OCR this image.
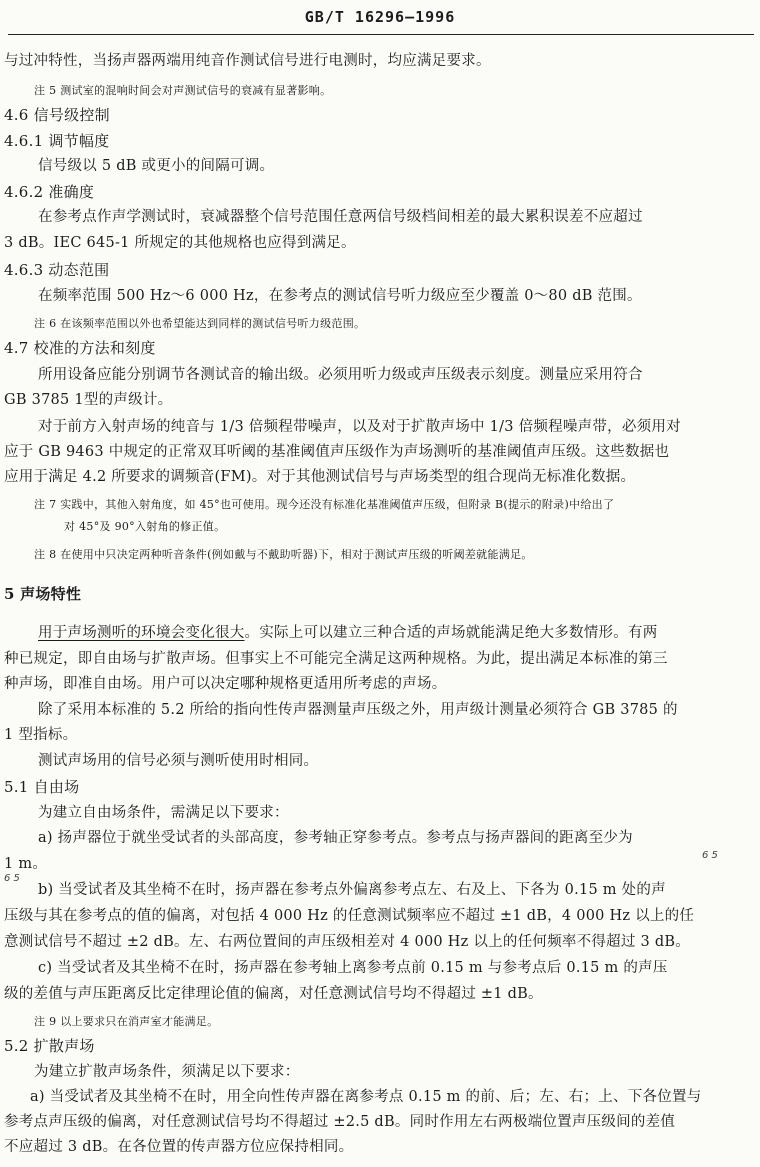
GB/T 16296—1996
与过冲特性，当扬声器两端用纯音作测试信号进行电测时，均应满足要求。
注 5 测试室的混响时间会对声测试信号的衰减有显著影响。
4.6 信号级控制
4.6.1 调节幅度
信号级以 5 dB 或更小的间隔可调。
4.6.2 准确度
在参考点作声学测试时，衰减器整个信号范围任意两信号级档间相差的最大累积误差不应超过
3 dB。IEC 645-1 所规定的其他规格也应得到满足。
4.6.3 动态范围
在频率范围 500 Hz～6 000 Hz，在参考点的测试信号听力级应至少覆盖 0～80 dB 范围。
注 6 在该频率范围以外也希望能达到同样的测试信号听力级范围。
4.7 校准的方法和刻度
所用设备应能分别调节各测试音的输出级。必须用听力级或声压级表示刻度。测量应采用符合
GB 3785 1型的声级计。
对于前方入射声场的纯音与 1/3 倍频程带噪声，以及对于扩散声场中 1/3 倍频程噪声带，必须用对
应于 GB 9463 中规定的正常双耳听阈的基准阈值声压级作为声场测听的基准阈值声压级。这些数据也
应用于满足 4.2 所要求的调频音(FM)。对于其他测试信号与声场类型的组合现尚无标准化数据。
注 7 实践中，其他入射角度，如 45°也可使用。现今还没有标准化基准阈值声压级，但附录 B(提示的附录)中给出了
对 45°及 90°入射角的修正值。
注 8 在使用中只决定两种听音条件(例如戴与不戴助听器)下，相对于测试声压级的听阈差就能满足。
5 声场特性
用于声场测听的环境会变化很大。实际上可以建立三种合适的声场就能满足绝大多数情形。有两
种已规定，即自由场与扩散声场。但事实上不可能完全满足这两种规格。为此，提出满足本标准的第三
种声场，即准自由场。用户可以决定哪种规格更适用所考虑的声场。
除了采用本标准的 5.2 所给的指向性传声器测量声压级之外，用声级计测量必须符合 GB 3785 的
1 型指标。
测试声场用的信号必须与测听使用时相同。
5.1 自由场
为建立自由场条件，需满足以下要求：
a) 扬声器位于就坐受试者的头部高度，参考轴正穿参考点。参考点与扬声器间的距离至少为
6 5
1 m。
6 5
b) 当受试者及其坐椅不在时，扬声器在参考点外偏离参考点左、右及上、下各为 0.15 m 处的声
压级与其在参考点的值的偏离，对包括 4 000 Hz 的任意测试频率应不超过 ±1 dB，4 000 Hz 以上的任
意测试信号不超过 ±2 dB。左、右两位置间的声压级相差对 4 000 Hz 以上的任何频率不得超过 3 dB。
c) 当受试者及其坐椅不在时，扬声器在参考轴上离参考点前 0.15 m 与参考点后 0.15 m 的声压
级的差值与声压距离反比定律理论值的偏离，对任意测试信号均不得超过 ±1 dB。
注 9 以上要求只在消声室才能满足。
5.2 扩散声场
为建立扩散声场条件，须满足以下要求：
a) 当受试者及其坐椅不在时，用全向性传声器在离参考点 0.15 m 的前、后；左、右；上、下各位置与
参考点声压级的偏离，对任意测试信号均不得超过 ±2.5 dB。同时作用左右两极端位置声压级间的差值
不应超过 3 dB。在各位置的传声器方位应保持相同。
